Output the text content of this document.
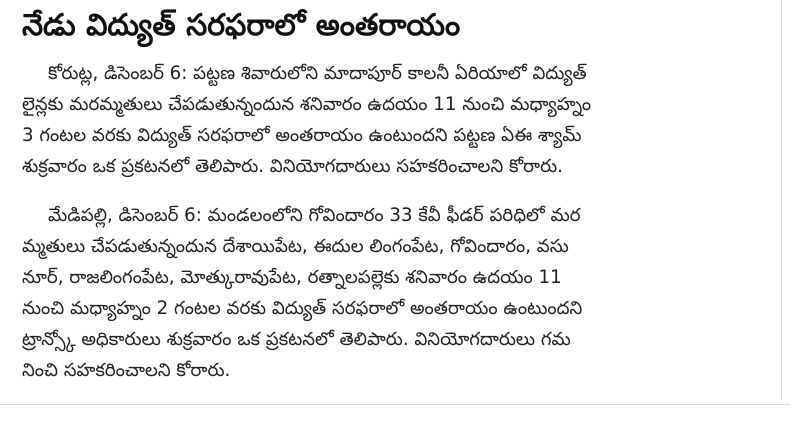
నేడు విద్యుత్ సరఫరాలో అంతరాయం
కోరుట్ల, డిసెంబర్ 6: పట్టణ శివారులోని మాదాపూర్ కాలనీ ఏరియాలో విద్యుత్
లైన్లకు మరమ్మతులు చేపడుతున్నందున శనివారం ఉదయం 11 నుంచి మధ్యాహ్నం
3 గంటల వరకు విద్యుత్ సరఫరాలో అంతరాయం ఉంటుందని పట్టణ ఏఈ శ్యామ్
శుక్రవారం ఒక ప్రకటనలో తెలిపారు. వినియోగదారులు సహకరించాలని కోరారు.
మేడిపల్లి, డిసెంబర్ 6: మండలంలోని గోవిందారం 33 కేవీ ఫీడర్ పరిధిలో మర
మ్మతులు చేపడుతున్నందున దేశాయిపేట, ఈదుల లింగంపేట, గోవిందారం, వసు
నూర్, రాజలింగంపేట, మోత్కురావుపేట, రత్నాలపల్లెకు శనివారం ఉదయం 11
నుంచి మధ్యాహ్నం 2 గంటల వరకు విద్యుత్ సరఫరాలో అంతరాయం ఉంటుందని
ట్రాన్స్కో అధికారులు శుక్రవారం ఒక ప్రకటనలో తెలిపారు. వినియోగదారులు గమ
నించి సహకరించాలని కోరారు.
